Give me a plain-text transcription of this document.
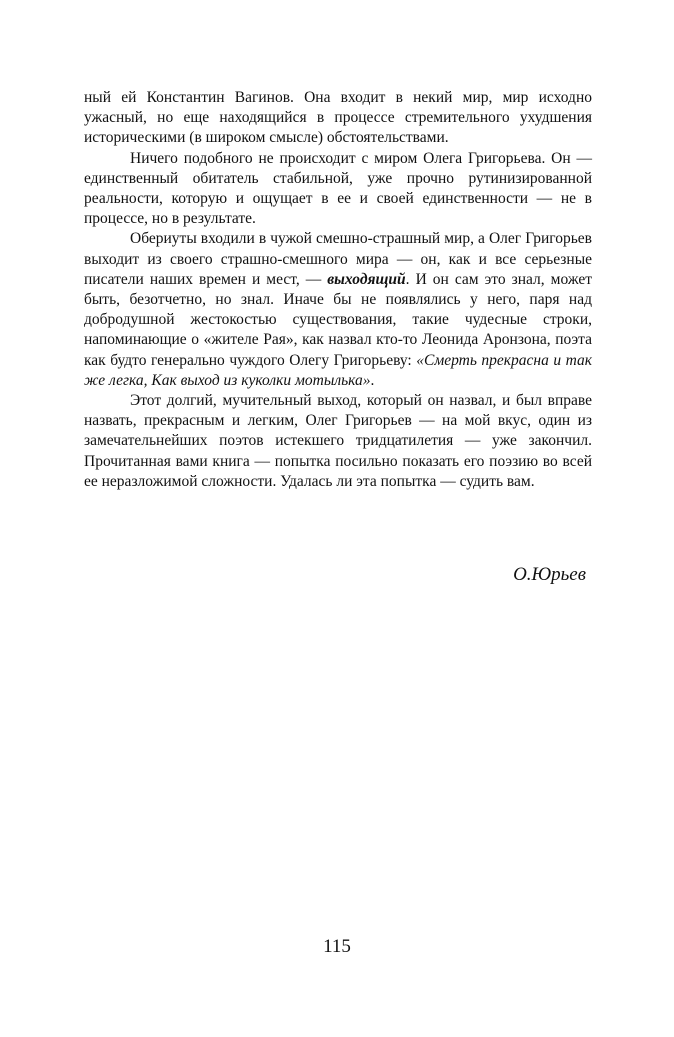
ный ей Константин Вагинов. Она входит в некий мир, мир исходно ужасный, но еще находящийся в процессе стремительного ухудшения историческими (в широком смысле) обстоятельствами.

Ничего подобного не происходит с миром Олега Григорьева. Он — единственный обитатель стабильной, уже прочно рутинизированной реальности, которую и ощущает в ее и своей единственности — не в процессе, но в результате.

Обериуты входили в чужой смешно-страшный мир, а Олег Григорьев выходит из своего страшно-смешного мира — он, как и все серьезные писатели наших времен и мест, — выходящий. И он сам это знал, может быть, безотчетно, но знал. Иначе бы не появлялись у него, паря над добродушной жестокостью существования, такие чудесные строки, напоминающие о «жителе Рая», как назвал кто-то Леонида Аронзона, поэта как будто генерально чуждого Олегу Григорьеву: «Смерть прекрасна и так же легка, Как выход из куколки мотылька».

Этот долгий, мучительный выход, который он назвал, и был вправе назвать, прекрасным и легким, Олег Григорьев — на мой вкус, один из замечательнейших поэтов истекшего тридцатилетия — уже закончил. Прочитанная вами книга — попытка посильно показать его поэзию во всей ее неразложимой сложности. Удалась ли эта попытка — судить вам.

О.Юрьев
115
